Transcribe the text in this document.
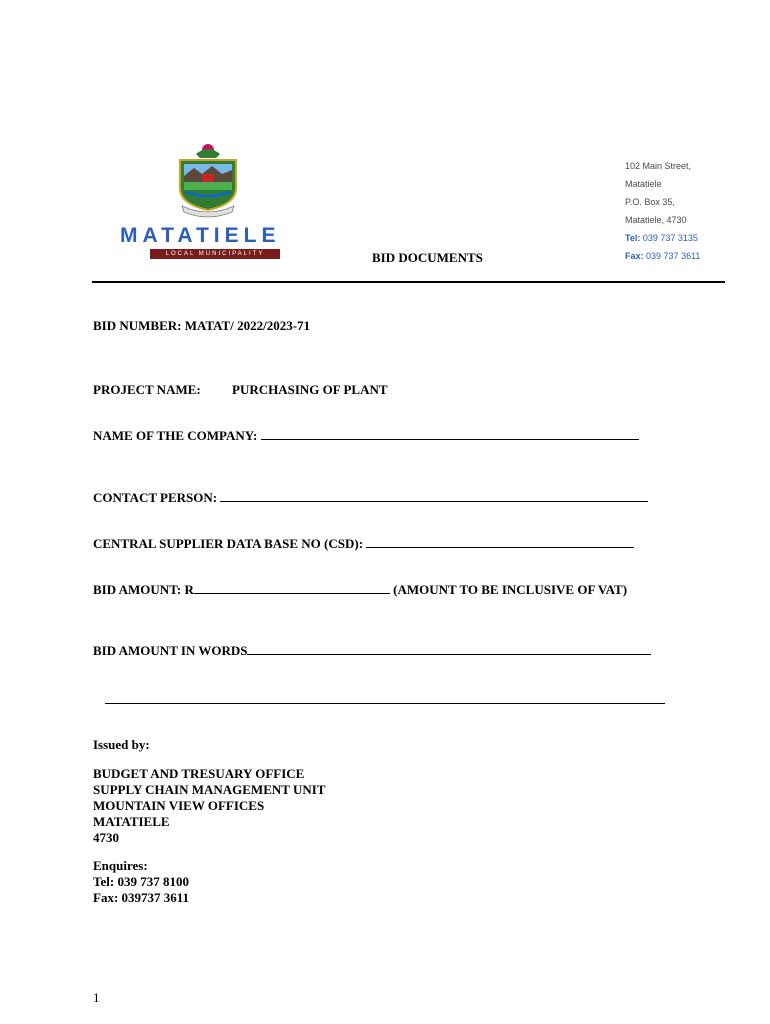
MATATIELE
LOCAL MUNICIPALITY
102 Main Street,
Matatiele
P.O. Box 35,
Matatiele, 4730
Tel: 039 737 3135
Fax: 039 737 3611
BID DOCUMENTS
BID NUMBER: MATAT/ 2022/2023-71
PROJECT NAME: PURCHASING OF PLANT
NAME OF THE COMPANY:
CONTACT PERSON:
CENTRAL SUPPLIER DATA BASE NO (CSD):
BID AMOUNT: R	(AMOUNT TO BE INCLUSIVE OF VAT)
BID AMOUNT IN WORDS
Issued by:
BUDGET AND TRESUARY OFFICE
SUPPLY CHAIN MANAGEMENT UNIT
MOUNTAIN VIEW OFFICES
MATATIELE
4730
Enquires:
Tel: 039 737 8100
Fax: 039737 3611
1
